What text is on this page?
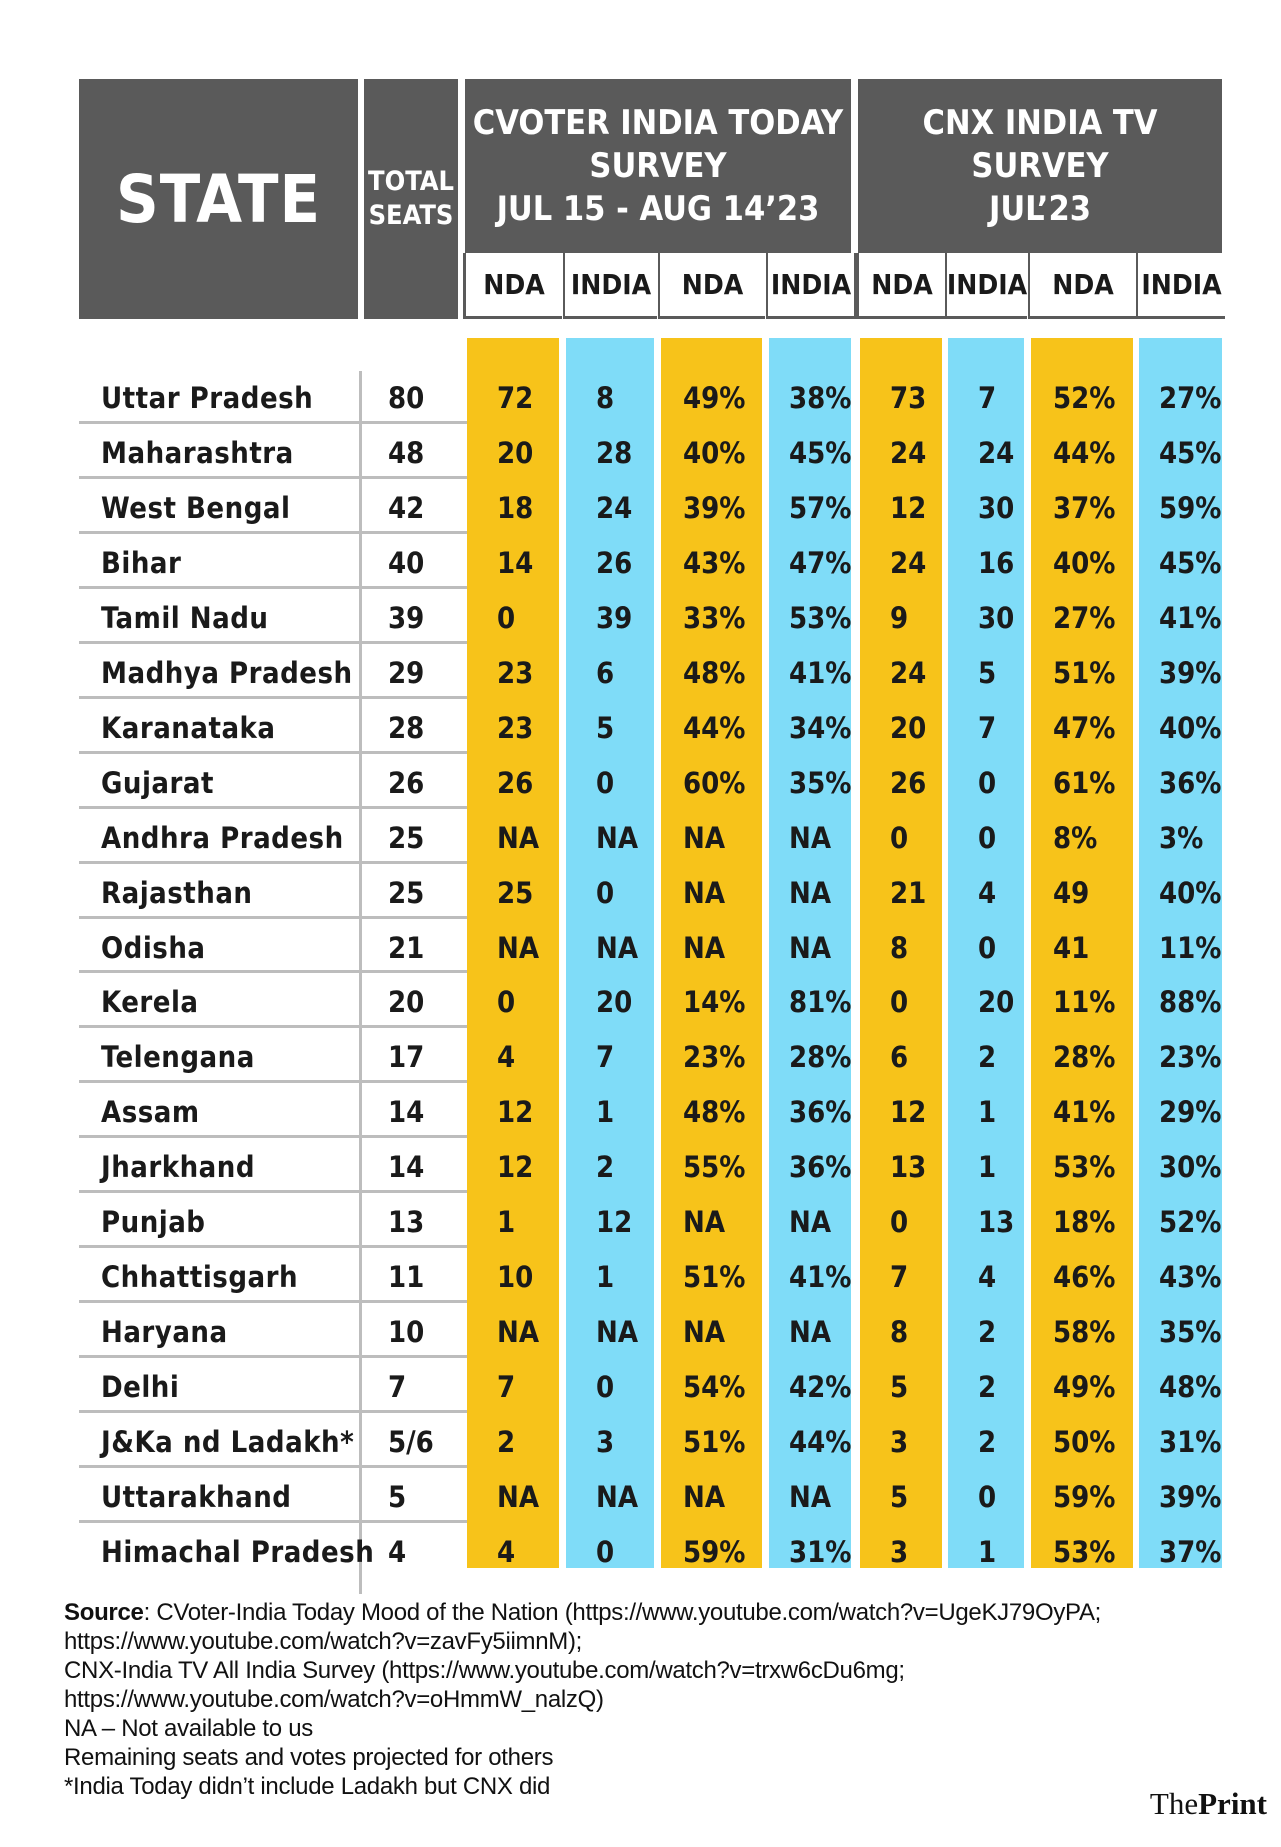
STATE TOTAL
SEATS
CVOTER INDIA TODAY
SURVEY
JUL 15 - AUG 14’23
CNX INDIA TV
SURVEY
JUL’23
NDA INDIA	NDA INDIA NDA INDIA NDA INDIA
Uttar Pradesh	80	72 8 49% 38% 73 7 52% 27%
Maharashtra	48	20 28 40% 45% 24 24 44% 45%
West Bengal	42	18 24 39% 57% 12 30 37% 59%
Bihar	40	14 26 43% 47% 24 16 40% 45%
Tamil Nadu	39	0	39 33% 53% 9 30 27% 41%
Madhya Pradesh 29	23 6 48% 41% 24 5 51% 39%
Karanataka	28	23 5 44% 34% 20 7 47% 40%
Gujarat	26	26 0 60% 35% 26 0 61% 36%
Andhra Pradesh 25	NA NA NA NA 0 0 8% 3%
Rajasthan	25	25 0 NA NA 21 4 49 40%
Odisha	21	NA NA NA NA 8 0 41 11%
Kerela	20	0	20 14% 81% 0 20 11% 88%
Telengana	17	4	7 23% 28% 6 2 28% 23%
Assam	14	12 1 48% 36% 12 1 41% 29%
Jharkhand	14	12 2 55% 36% 13 1 53% 30%
Punjab	13	1	12 NA NA 0 13 18% 52%
Chhattisgarh	11	10 1 51% 41% 7 4 46% 43%
Haryana	10	NA NA NA NA 8 2 58% 35%
Delhi	7	7	0 54% 42% 5 2 49% 48%
J&Ka nd Ladakh* 5/6 2	3 51% 44% 3 2 50% 31%
Uttarakhand	5	NA NA NA NA 5 0 59% 39%
Himachal Pradesh 4	4	0 59% 31% 3 1 53% 37%
Source: CVoter-India Today Mood of the Nation (https://www.youtube.com/watch?v=UgeKJ79OyPA;
https://www.youtube.com/watch?v=zavFy5iimnM);
CNX-India TV All India Survey (https://www.youtube.com/watch?v=trxw6cDu6mg;
https://www.youtube.com/watch?v=oHmmW_nalzQ)
NA – Not available to us
Remaining seats and votes projected for others
*India Today didn’t include Ladakh but CNX did	ThePrint
